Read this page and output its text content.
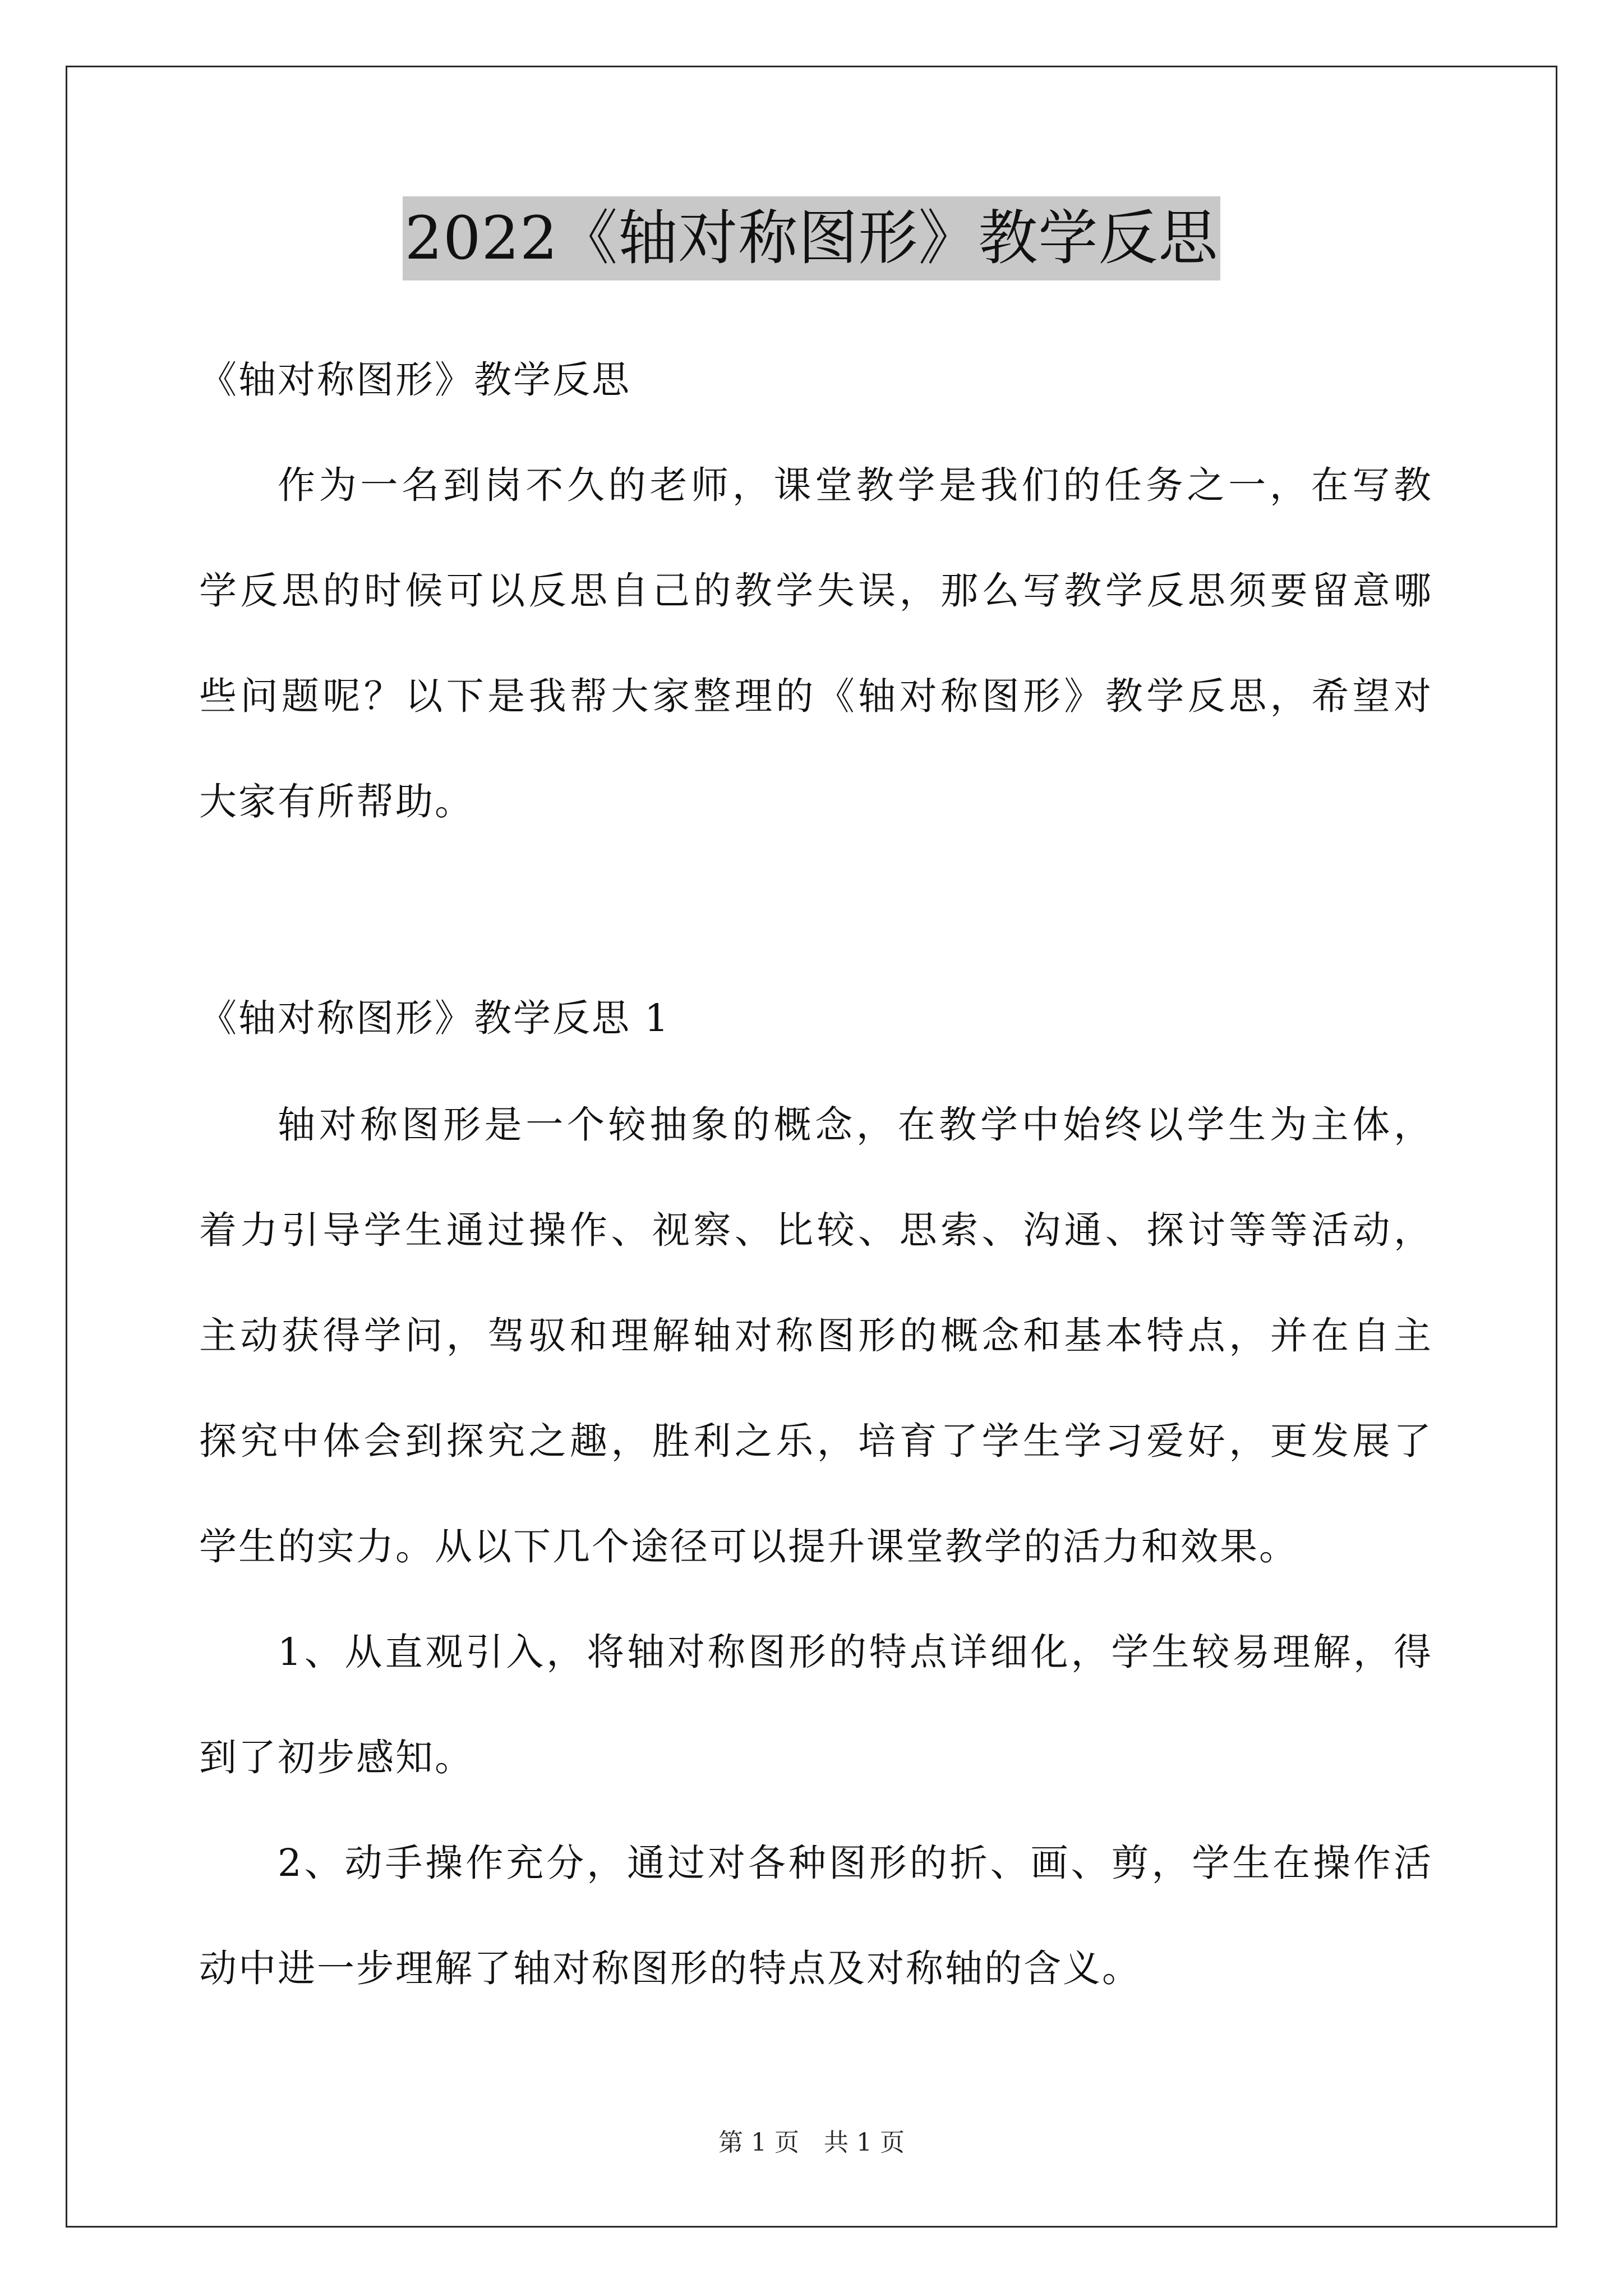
2022《轴对称图形》教学反思
《轴对称图形》教学反思
作为一名到岗不久的老师，课堂教学是我们的任务之一，在写教
学反思的时候可以反思自己的教学失误，那么写教学反思须要留意哪
些问题呢？以下是我帮大家整理的《轴对称图形》教学反思，希望对
大家有所帮助。
《轴对称图形》教学反思 1
轴对称图形是一个较抽象的概念，在教学中始终以学生为主体，
着力引导学生通过操作、视察、比较、思索、沟通、探讨等等活动，
主动获得学问，驾驭和理解轴对称图形的概念和基本特点，并在自主
探究中体会到探究之趣，胜利之乐，培育了学生学习爱好，更发展了
学生的实力。从以下几个途径可以提升课堂教学的活力和效果。
1、从直观引入，将轴对称图形的特点详细化，学生较易理解，得
到了初步感知。
2、动手操作充分，通过对各种图形的折、画、剪，学生在操作活
动中进一步理解了轴对称图形的特点及对称轴的含义。
第 1 页　共 1 页
